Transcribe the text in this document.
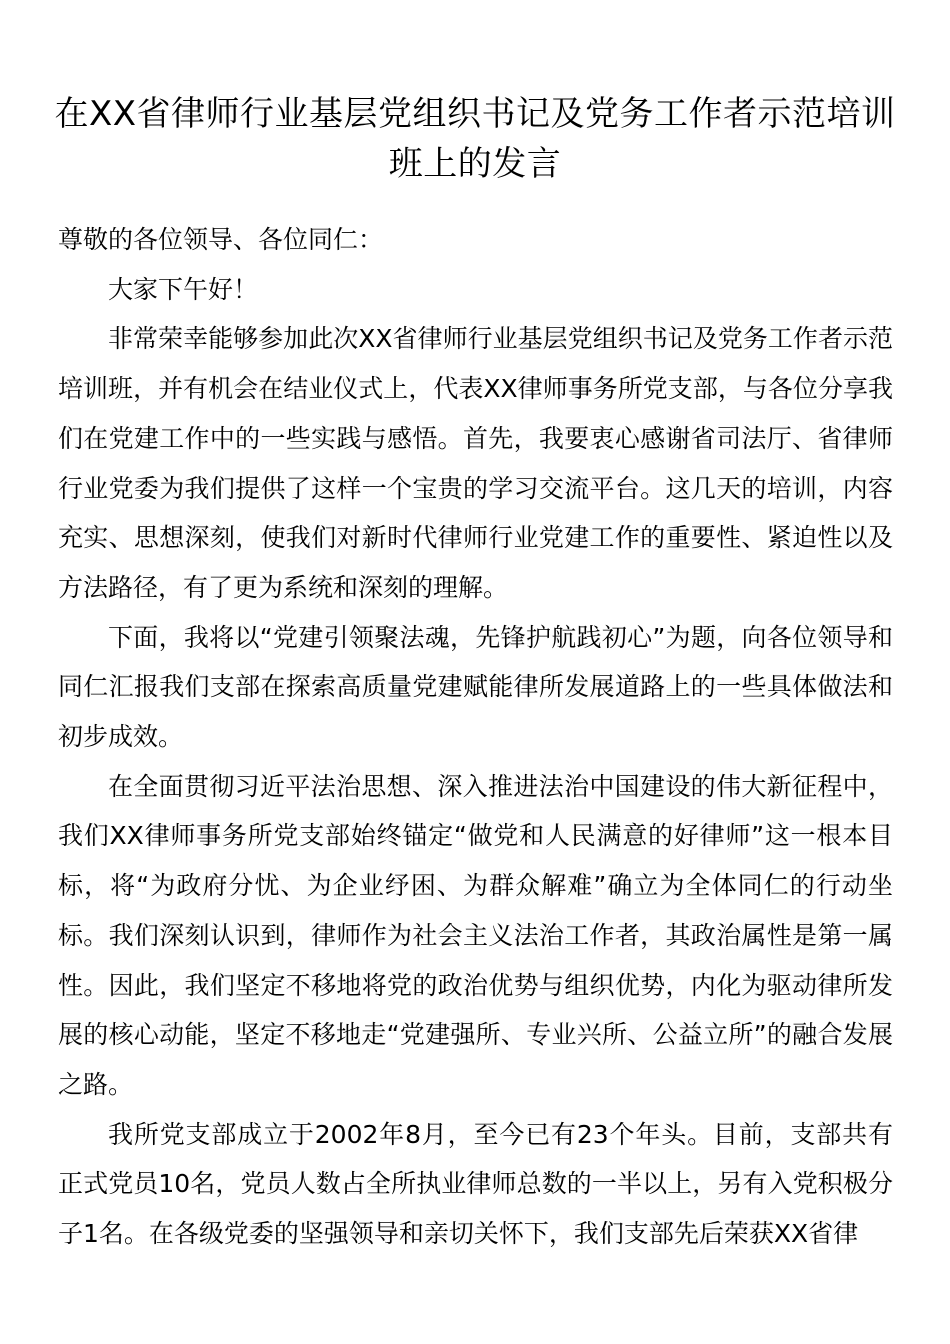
在XX省律师行业基层党组织书记及党务工作者示范培训班上的发言

尊敬的各位领导、各位同仁：

大家下午好！

非常荣幸能够参加此次XX省律师行业基层党组织书记及党务工作者示范培训班，并有机会在结业仪式上，代表XX律师事务所党支部，与各位分享我们在党建工作中的一些实践与感悟。首先，我要衷心感谢省司法厅、省律师行业党委为我们提供了这样一个宝贵的学习交流平台。这几天的培训，内容充实、思想深刻，使我们对新时代律师行业党建工作的重要性、紧迫性以及方法路径，有了更为系统和深刻的理解。

下面，我将以“党建引领聚法魂，先锋护航践初心”为题，向各位领导和同仁汇报我们支部在探索高质量党建赋能律所发展道路上的一些具体做法和初步成效。

在全面贯彻习近平法治思想、深入推进法治中国建设的伟大新征程中，我们XX律师事务所党支部始终锚定“做党和人民满意的好律师”这一根本目标，将“为政府分忧、为企业纾困、为群众解难”确立为全体同仁的行动坐标。我们深刻认识到，律师作为社会主义法治工作者，其政治属性是第一属性。因此，我们坚定不移地将党的政治优势与组织优势，内化为驱动律所发展的核心动能，坚定不移地走“党建强所、专业兴所、公益立所”的融合发展之路。

我所党支部成立于2002年8月，至今已有23个年头。目前，支部共有正式党员10名，党员人数占全所执业律师总数的一半以上，另有入党积极分子1名。在各级党委的坚强领导和亲切关怀下，我们支部先后荣获XX省律
